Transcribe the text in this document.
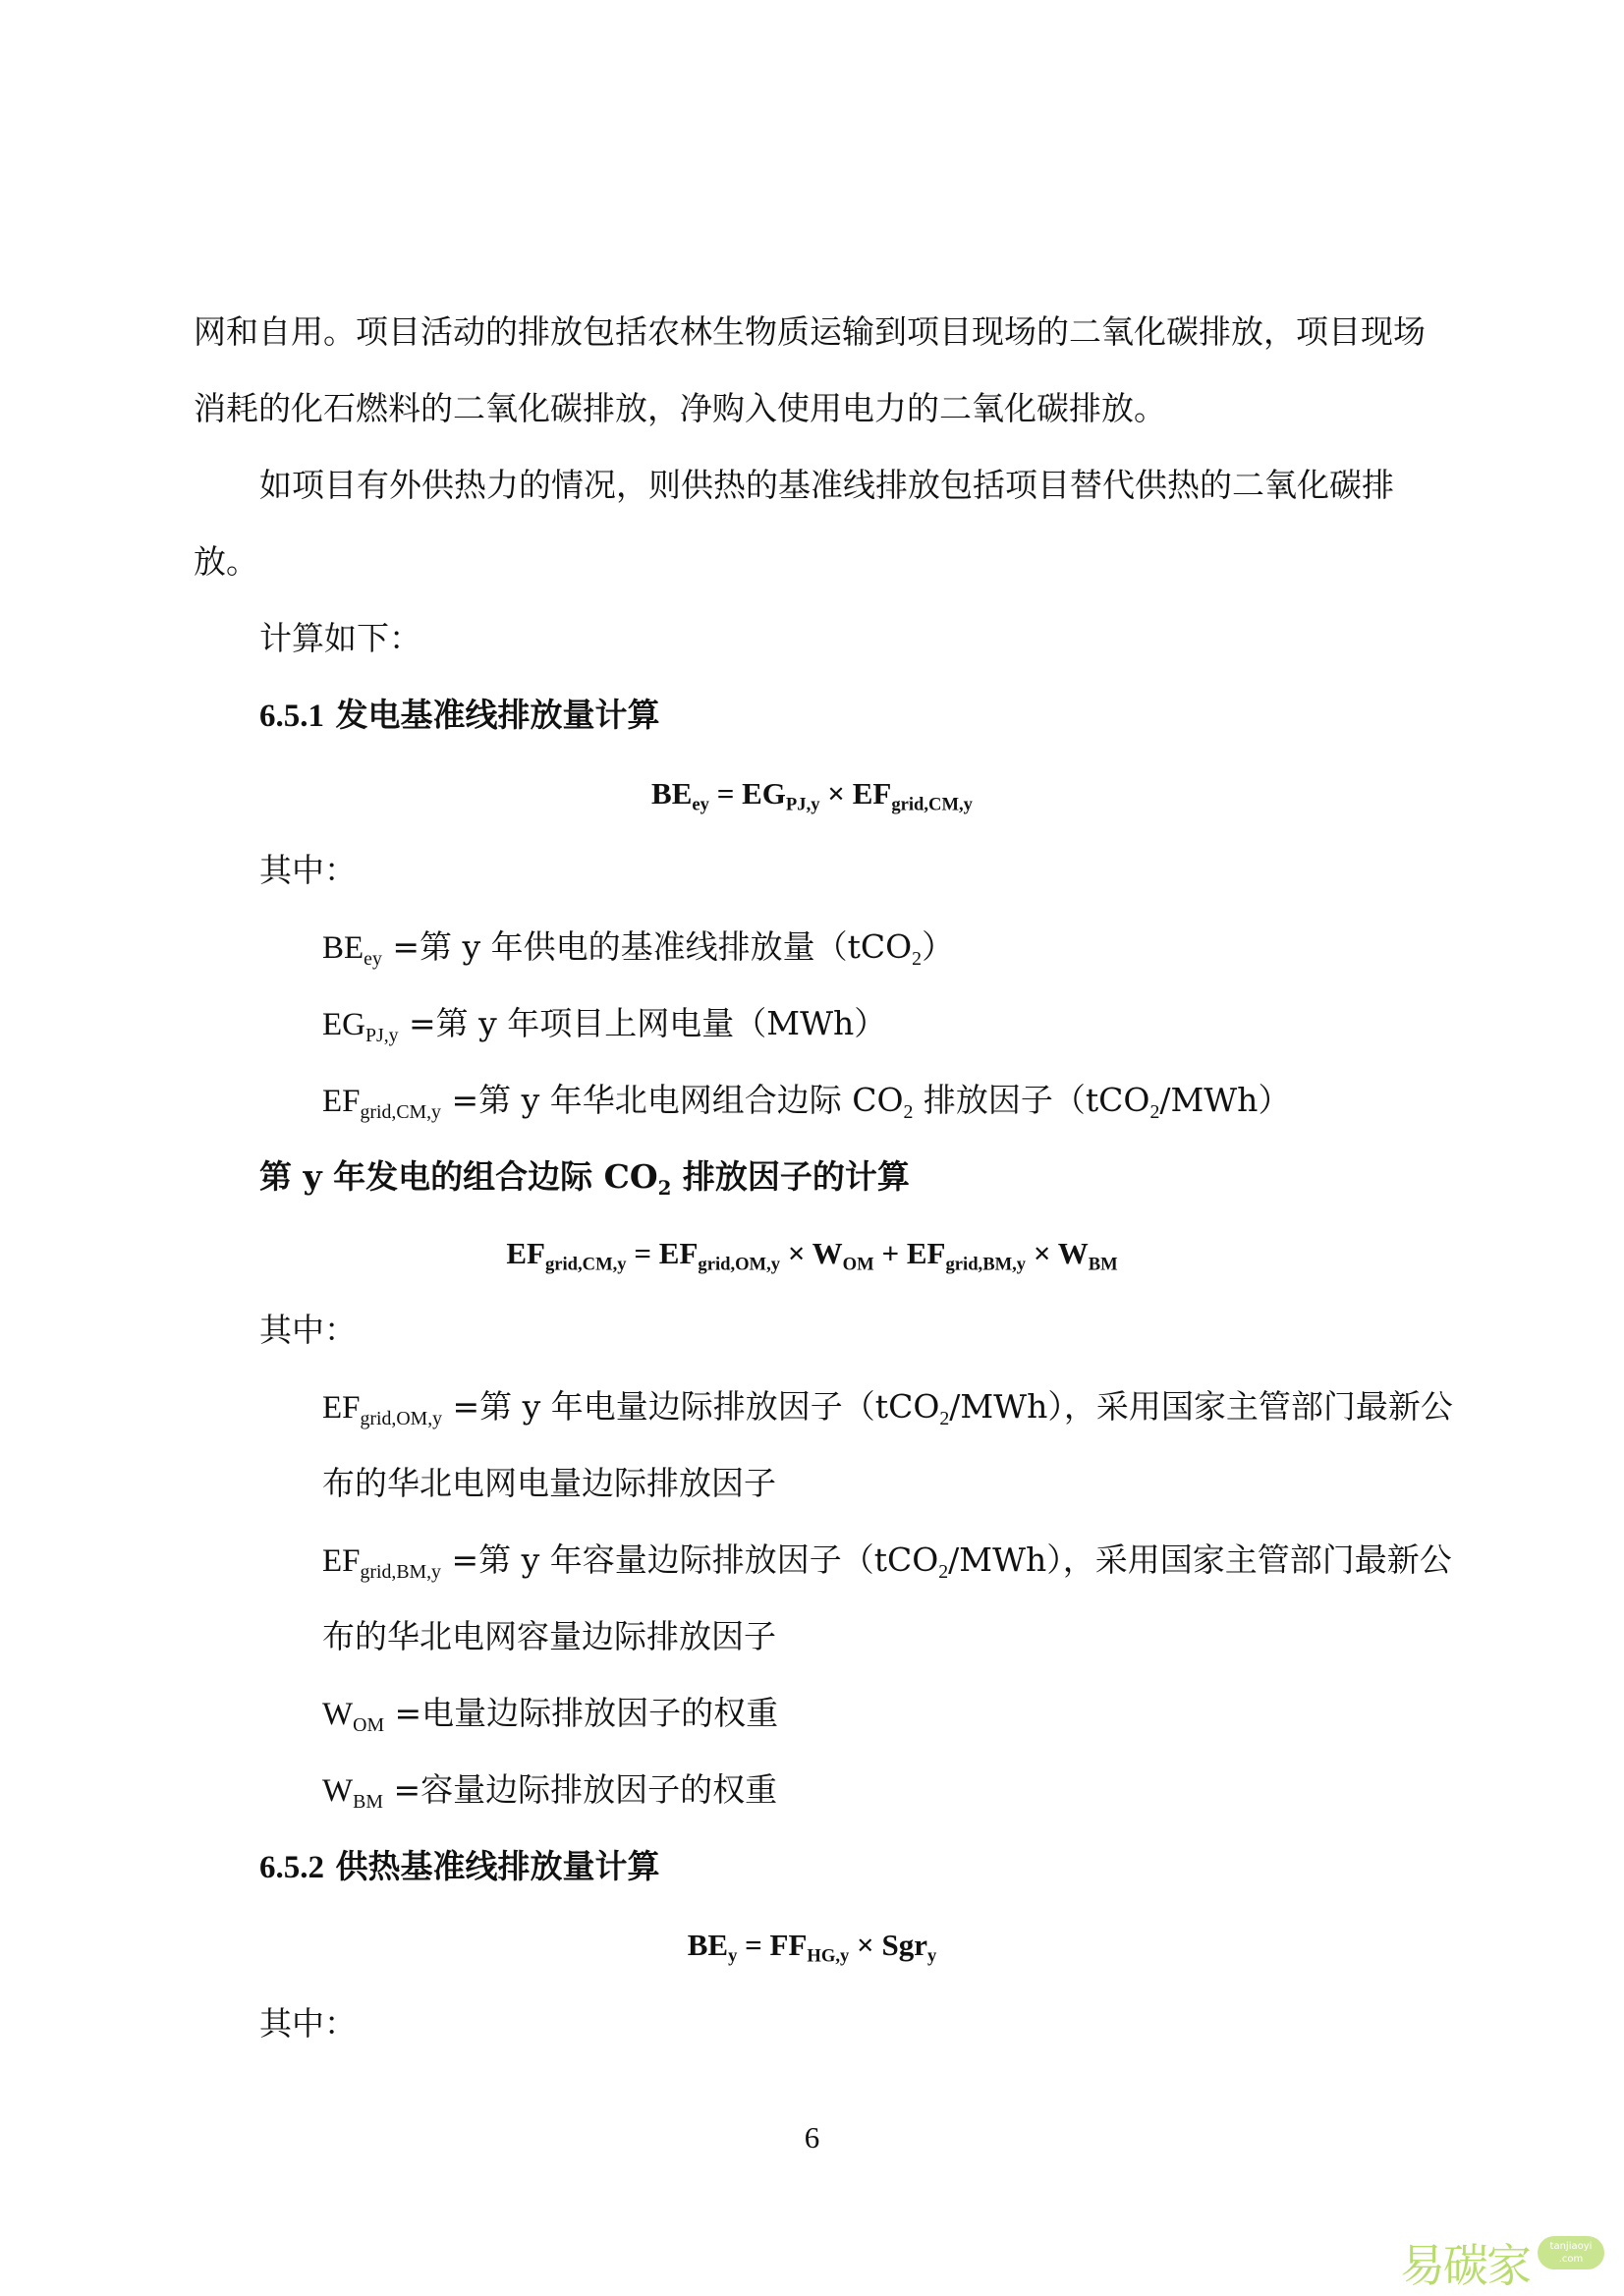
网和自用。项目活动的排放包括农林生物质运输到项目现场的二氧化碳排放，项目现场
消耗的化石燃料的二氧化碳排放，净购入使用电力的二氧化碳排放。
如项目有外供热力的情况，则供热的基准线排放包括项目替代供热的二氧化碳排
放。
计算如下：
6.5.1 发电基准线排放量计算
$BE_{ey} = EG_{PJ,y} \times EF_{grid,CM,y}$
其中：
$BE_{ey}$ =第 y 年供电的基准线排放量（tCO$_2$）
$EG_{PJ,y}$ =第 y 年项目上网电量（MWh）
$EF_{grid,CM,y}$ =第 y 年华北电网组合边际 $CO_2$ 排放因子（tCO$_2$/MWh）
第 y 年发电的组合边际 $CO_2$ 排放因子的计算
$EF_{grid,CM,y} = EF_{grid,OM,y} \times W_{OM} + EF_{grid,BM,y} \times W_{BM}$
其中：
$EF_{grid,OM,y}$ =第 y 年电量边际排放因子（tCO$_2$/MWh），采用国家主管部门最新公
布的华北电网电量边际排放因子
$EF_{grid,BM,y}$ =第 y 年容量边际排放因子（tCO$_2$/MWh），采用国家主管部门最新公
布的华北电网容量边际排放因子
$W_{OM}$ =电量边际排放因子的权重
$W_{BM}$ =容量边际排放因子的权重
6.5.2 供热基准线排放量计算
$BE_y = FF_{HG,y} \times Sgr_y$
其中：
6
易碳家	tanjiaoyi
.com
